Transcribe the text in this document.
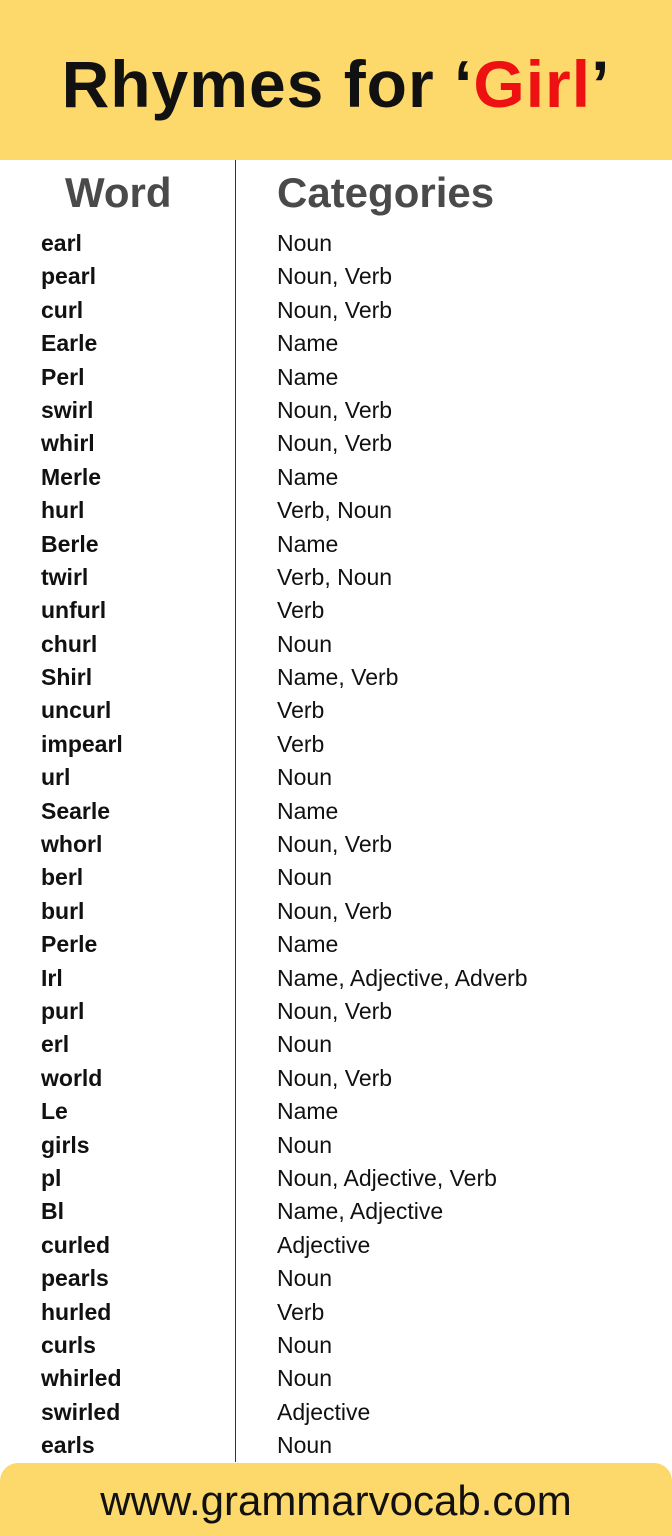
Rhymes for ‘Girl’
Word	Categories
earl	Noun
pearl	Noun, Verb
curl	Noun, Verb
Earle	Name
Perl	Name
swirl	Noun, Verb
whirl	Noun, Verb
Merle	Name
hurl	Verb, Noun
Berle	Name
twirl	Verb, Noun
unfurl	Verb
churl	Noun
Shirl	Name, Verb
uncurl	Verb
impearl	Verb
url	Noun
Searle	Name
whorl	Noun, Verb
berl	Noun
burl	Noun, Verb
Perle	Name
Irl	Name, Adjective, Adverb
purl	Noun, Verb
erl	Noun
world	Noun, Verb
Le	Name
girls	Noun
pl	Noun, Adjective, Verb
Bl	Name, Adjective
curled	Adjective
pearls	Noun
hurled	Verb
curls	Noun
whirled	Noun
swirled	Adjective
earls	Noun
www.grammarvocab.com
